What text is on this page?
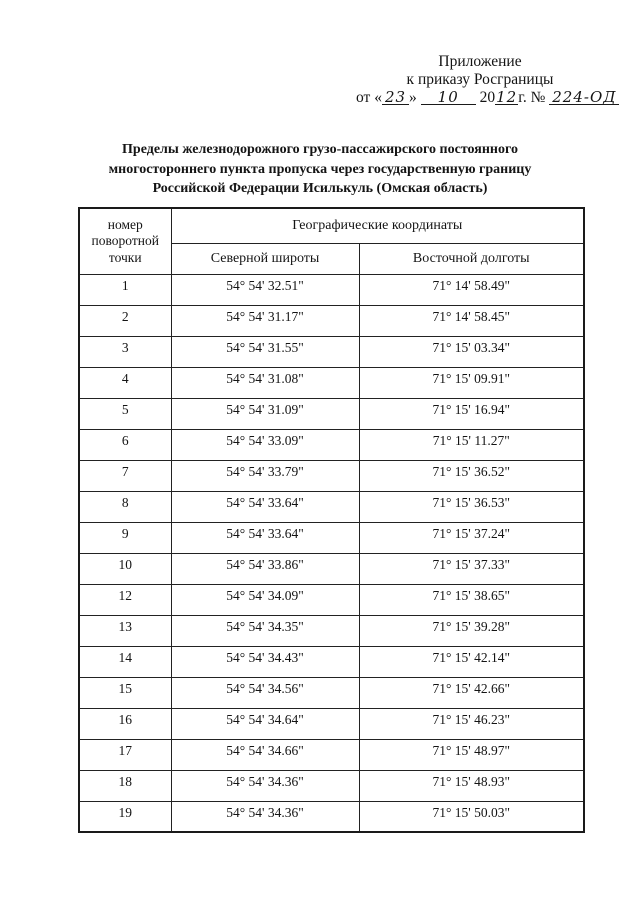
Приложение
к приказу Росграницы
от « 23 » 10 2012г. № 224-ОД
Пределы железнодорожного грузо-пассажирского постоянного
многостороннего пункта пропуска через государственную границу
Российской Федерации Исилькуль (Омская область)
номер поворотной точки	Географические координаты	
	Северной широты	Восточной долготы
1	54° 54' 32.51"	71° 14' 58.49"
2	54° 54' 31.17"	71° 14' 58.45"
3	54° 54' 31.55"	71° 15' 03.34"
4	54° 54' 31.08"	71° 15' 09.91"
5	54° 54' 31.09"	71° 15' 16.94"
6	54° 54' 33.09"	71° 15' 11.27"
7	54° 54' 33.79"	71° 15' 36.52"
8	54° 54' 33.64"	71° 15' 36.53"
9	54° 54' 33.64"	71° 15' 37.24"
10	54° 54' 33.86"	71° 15' 37.33"
12	54° 54' 34.09"	71° 15' 38.65"
13	54° 54' 34.35"	71° 15' 39.28"
14	54° 54' 34.43"	71° 15' 42.14"
15	54° 54' 34.56"	71° 15' 42.66"
16	54° 54' 34.64"	71° 15' 46.23"
17	54° 54' 34.66"	71° 15' 48.97"
18	54° 54' 34.36"	71° 15' 48.93"
19	54° 54' 34.36"	71° 15' 50.03"
